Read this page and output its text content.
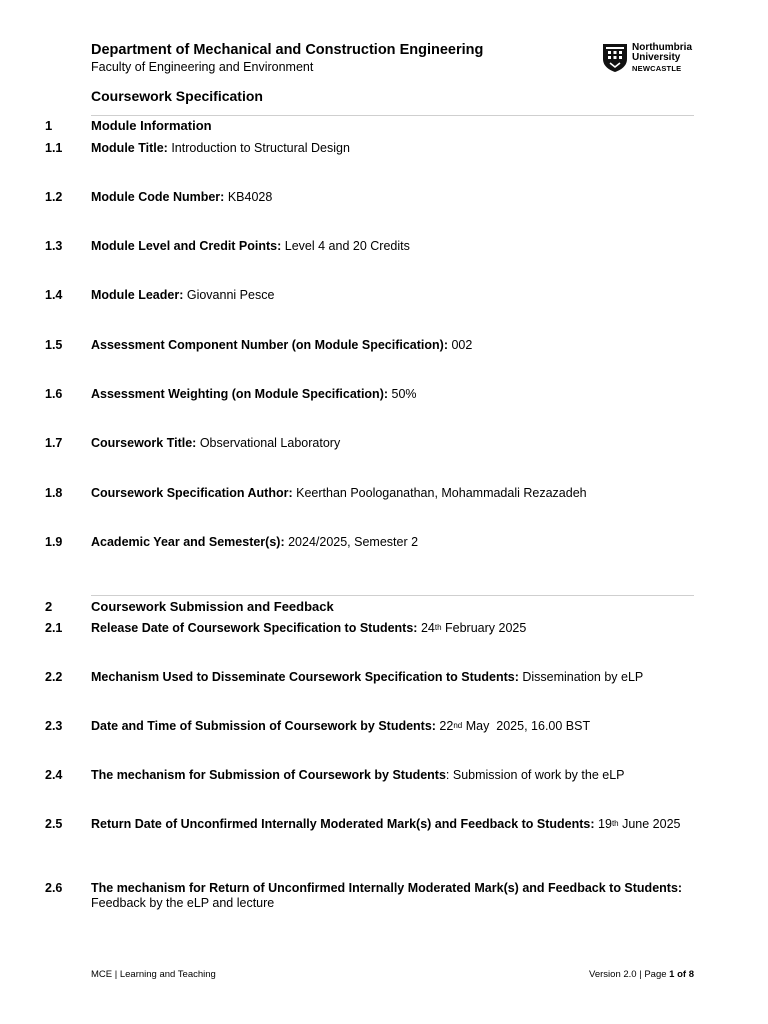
Department of Mechanical and Construction Engineering
Faculty of Engineering and Environment
Coursework Specification
Northumbria
University
NEWCASTLE
1	Module Information
1.1 Module Title: Introduction to Structural Design
1.2 Module Code Number: KB4028
1.3 Module Level and Credit Points: Level 4 and 20 Credits
1.4 Module Leader: Giovanni Pesce
1.5 Assessment Component Number (on Module Specification): 002
1.6 Assessment Weighting (on Module Specification): 50%
1.7 Coursework Title: Observational Laboratory
1.8 Coursework Specification Author: Keerthan Poologanathan, Mohammadali Rezazadeh
1.9 Academic Year and Semester(s): 2024/2025, Semester 2
2	Coursework Submission and Feedback
2.1 Release Date of Coursework Specification to Students: 24th February 2025
2.2 Mechanism Used to Disseminate Coursework Specification to Students: Dissemination by eLP
2.3 Date and Time of Submission of Coursework by Students: 22nd May  2025, 16.00 BST
2.4 The mechanism for Submission of Coursework by Students: Submission of work by the eLP
2.5 Return Date of Unconfirmed Internally Moderated Mark(s) and Feedback to Students: 19th June 2025
2.6 The mechanism for Return of Unconfirmed Internally Moderated Mark(s) and Feedback to Students: Feedback by the eLP and lecture
MCE | Learning and Teaching	Version 2.0 | Page 1 of 8
